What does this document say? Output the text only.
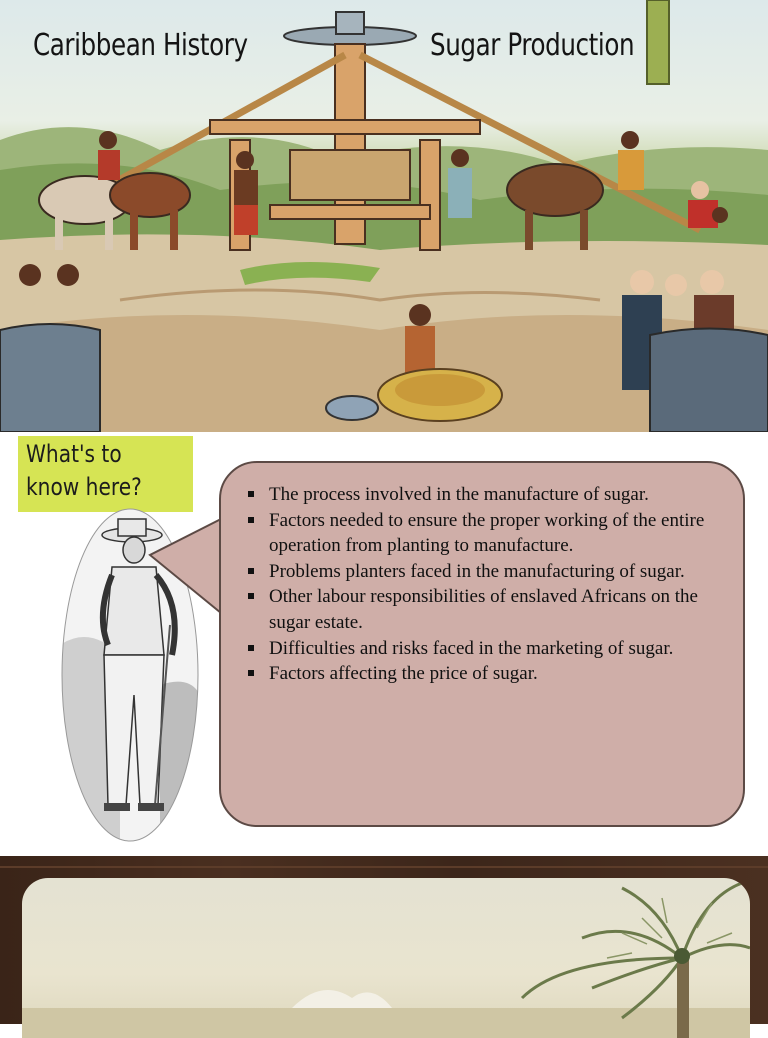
Caribbean History	Sugar Production
What's to know here?	The process involved in the manufacture of sugar.
Factors needed to ensure the proper working of the entire operation from planting to manufacture.
Problems planters faced in the manufacturing of sugar.
Other labour responsibilities of enslaved Africans on the sugar estate.
Difficulties and risks faced in the marketing of sugar.
Factors affecting the price of sugar.
